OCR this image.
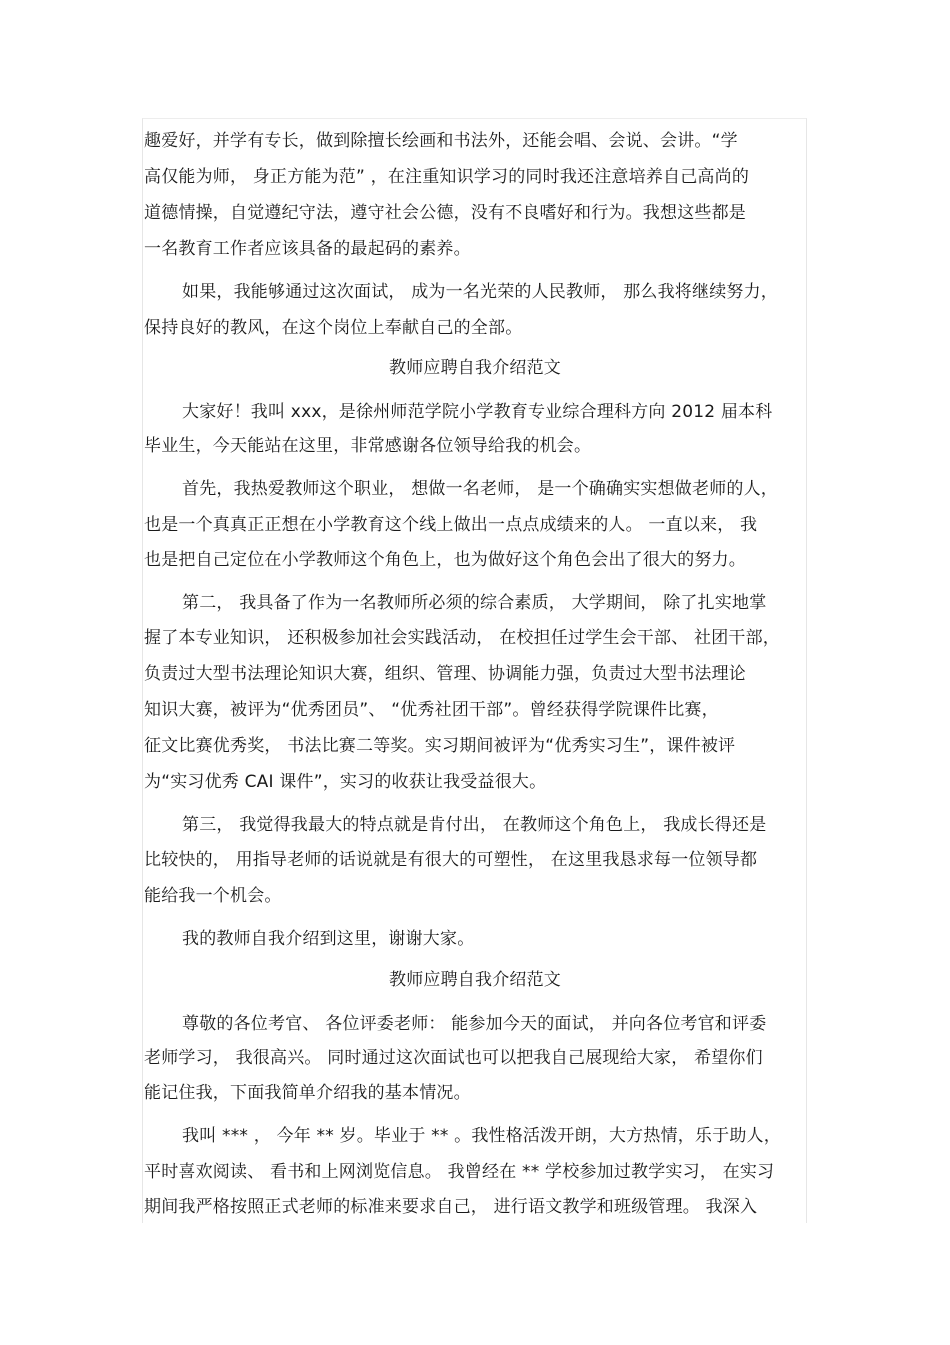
趣爱好，并学有专长，做到除擅长绘画和书法外，还能会唱、会说、会讲。“学
高仅能为师， 身正方能为范” ，在注重知识学习的同时我还注意培养自己高尚的
道德情操，自觉遵纪守法，遵守社会公德，没有不良嗜好和行为。我想这些都是
一名教育工作者应该具备的最起码的素养。
如果，我能够通过这次面试， 成为一名光荣的人民教师， 那么我将继续努力，
保持良好的教风，在这个岗位上奉献自己的全部。
教师应聘自我介绍范文
大家好！我叫 xxx，是徐州师范学院小学教育专业综合理科方向 2012 届本科
毕业生，今天能站在这里，非常感谢各位领导给我的机会。
首先，我热爱教师这个职业， 想做一名老师， 是一个确确实实想做老师的人，
也是一个真真正正想在小学教育这个线上做出一点点成绩来的人。 一直以来， 我
也是把自己定位在小学教师这个角色上，也为做好这个角色会出了很大的努力。
第二， 我具备了作为一名教师所必须的综合素质， 大学期间， 除了扎实地掌
握了本专业知识， 还积极参加社会实践活动， 在校担任过学生会干部、 社团干部，
负责过大型书法理论知识大赛，组织、管理、协调能力强，负责过大型书法理论
知识大赛，被评为“优秀团员”、 “优秀社团干部”。曾经获得学院课件比赛，
征文比赛优秀奖， 书法比赛二等奖。实习期间被评为“优秀实习生”，课件被评
为“实习优秀 CAI 课件”，实习的收获让我受益很大。
第三， 我觉得我最大的特点就是肯付出， 在教师这个角色上， 我成长得还是
比较快的， 用指导老师的话说就是有很大的可塑性， 在这里我恳求每一位领导都
能给我一个机会。
我的教师自我介绍到这里，谢谢大家。
教师应聘自我介绍范文
尊敬的各位考官、 各位评委老师： 能参加今天的面试， 并向各位考官和评委
老师学习， 我很高兴。 同时通过这次面试也可以把我自己展现给大家， 希望你们
能记住我，下面我简单介绍我的基本情况。
我叫 *** ， 今年 ** 岁。毕业于 ** 。我性格活泼开朗，大方热情，乐于助人，
平时喜欢阅读、 看书和上网浏览信息。 我曾经在 ** 学校参加过教学实习， 在实习
期间我严格按照正式老师的标准来要求自己， 进行语文教学和班级管理。 我深入
